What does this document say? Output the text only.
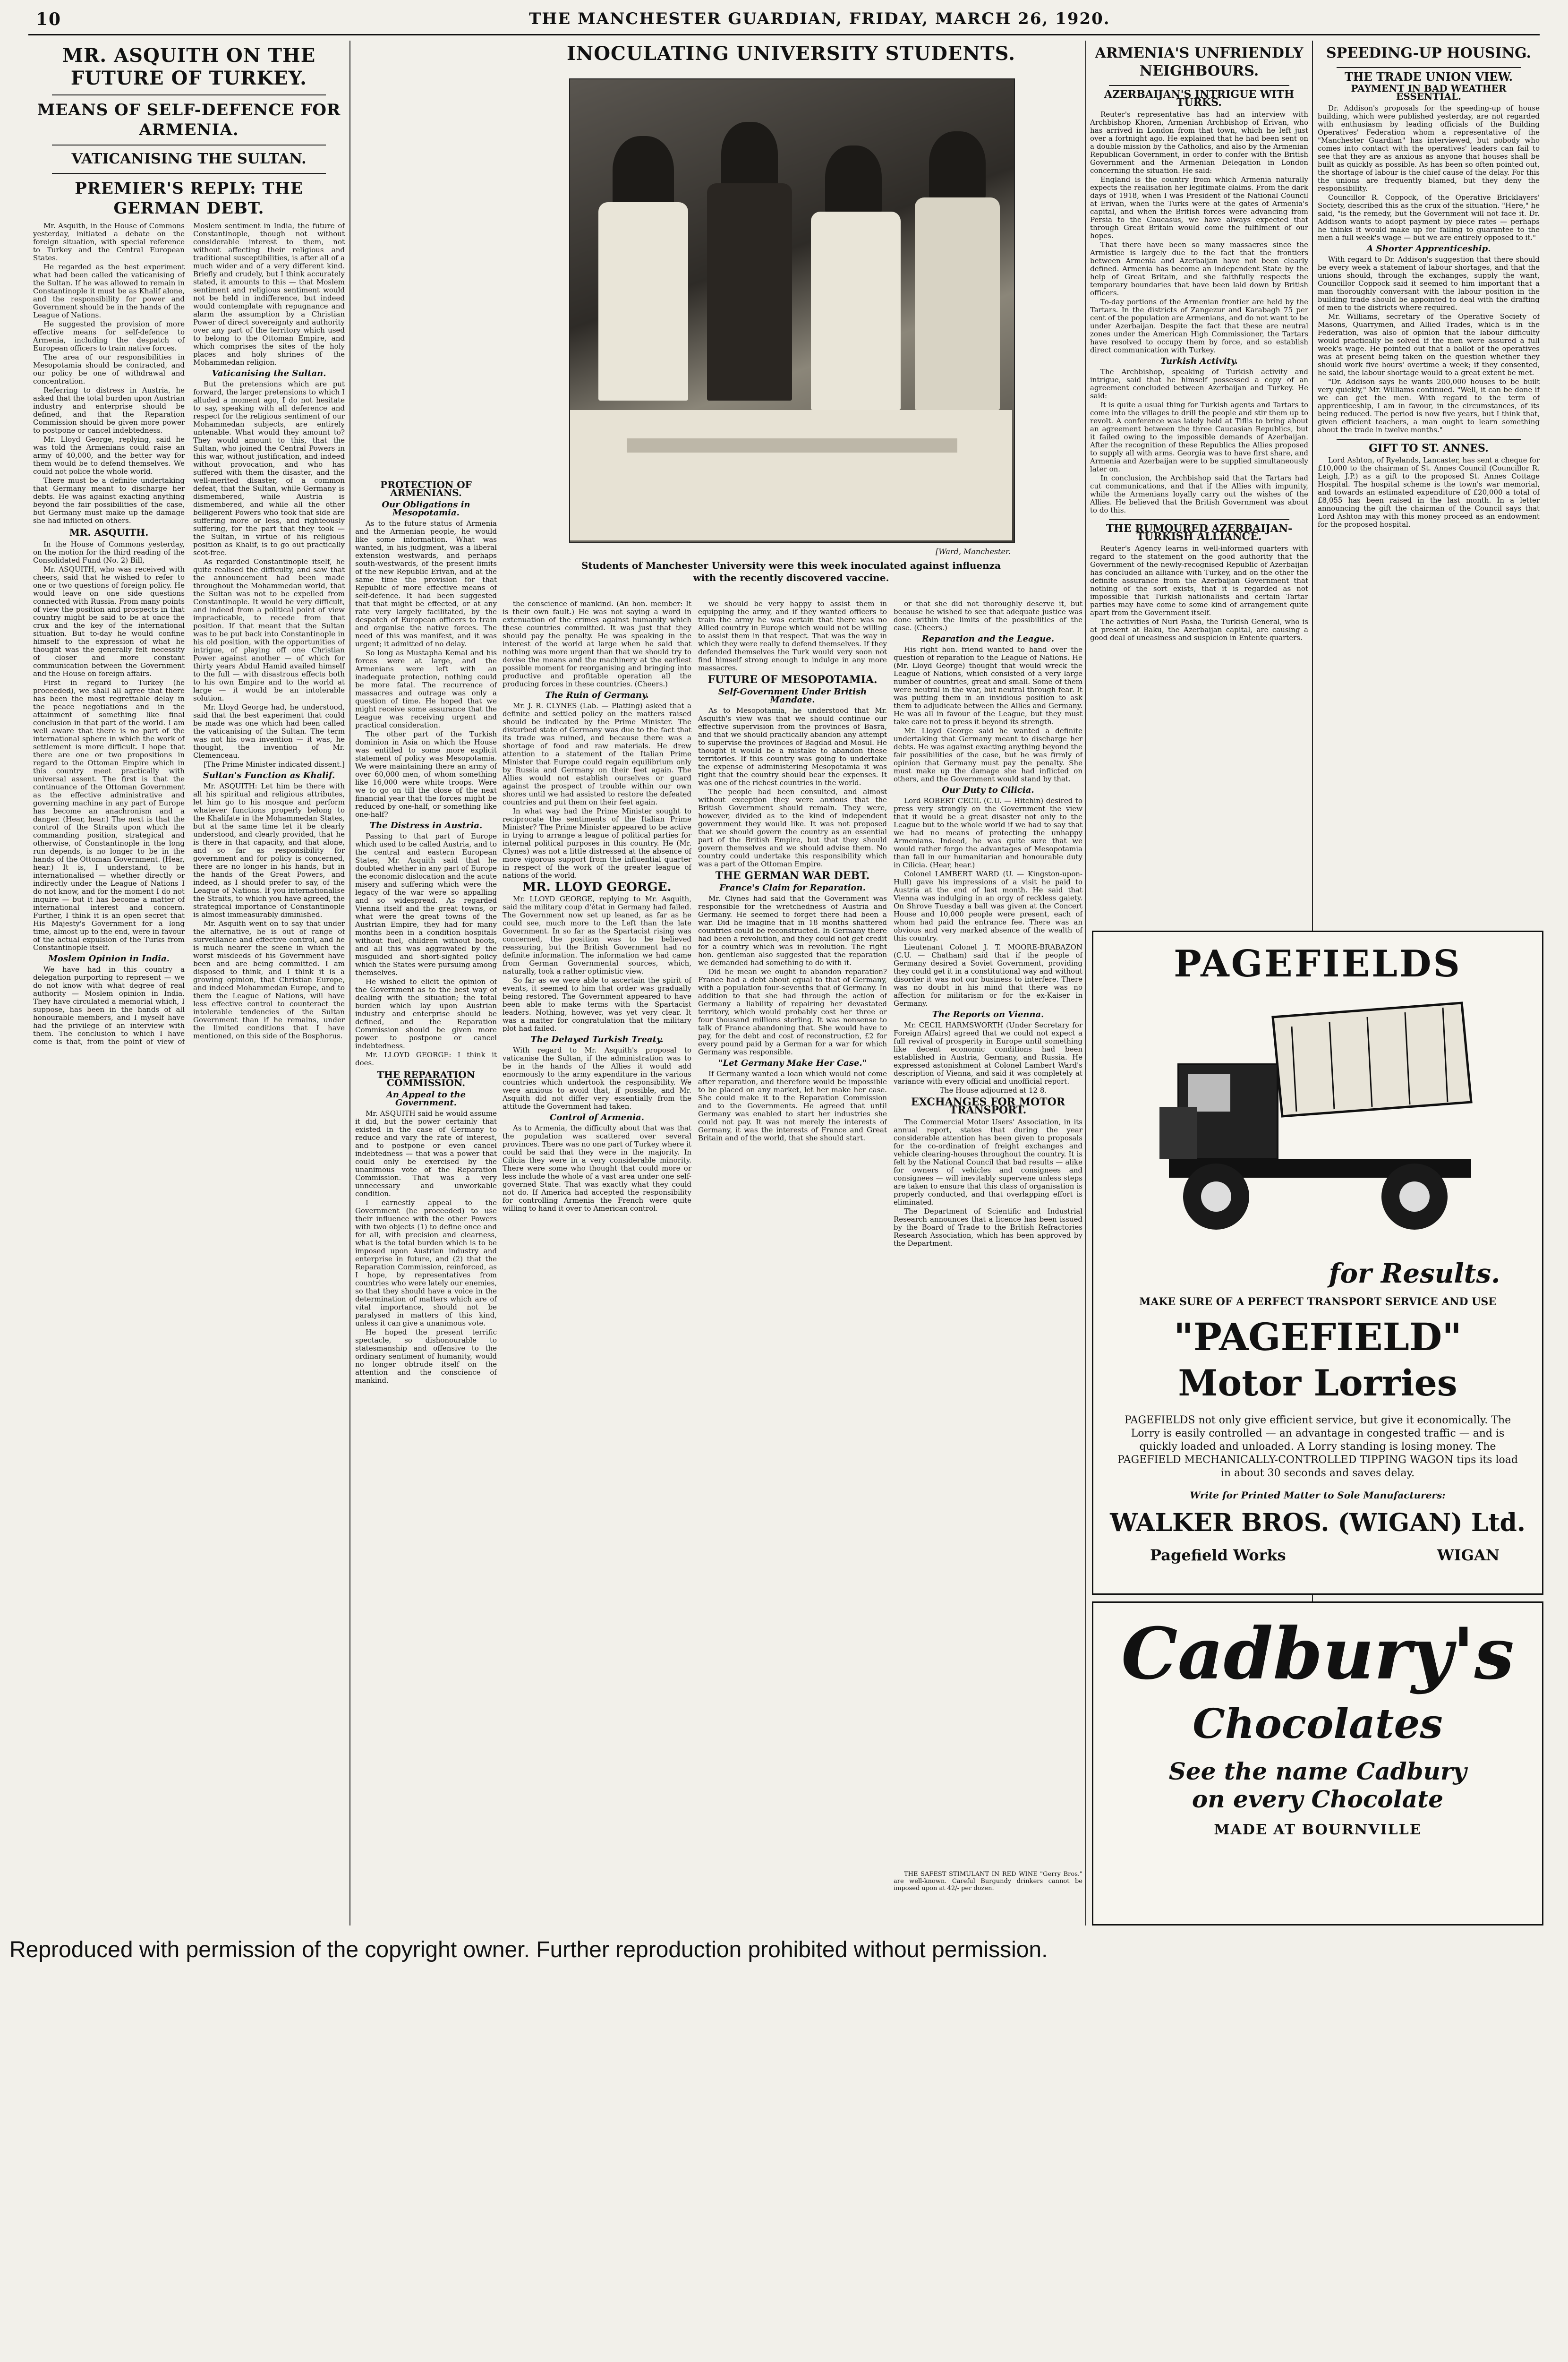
10	THE MANCHESTER GUARDIAN, FRIDAY, MARCH 26, 1920.
MR. ASQUITH ON THE FUTURE OF TURKEY.
MEANS OF SELF-DEFENCE FOR ARMENIA.
VATICANISING THE SULTAN.
PREMIER'S REPLY: THE GERMAN DEBT.

Mr. Asquith, in the House of Commons yesterday, initiated a debate on the foreign situation, with special reference to Turkey and the Central European States.

He regarded as the best experiment what had been called the vaticanising of the Sultan. If he was allowed to remain in Constantinople it must be as Khalif alone, and the responsibility for power and Government should be in the hands of the League of Nations.

He suggested the provision of more effective means for self-defence to Armenia, including the despatch of European officers to train native forces.

The area of our responsibilities in Mesopotamia should be contracted, and our policy be one of withdrawal and concentration.

Referring to distress in Austria, he asked that the total burden upon Austrian industry and enterprise should be defined, and that the Reparation Commission should be given more power to postpone or cancel indebtedness.

Mr. Lloyd George, replying, said he was told the Armenians could raise an army of 40,000, and the better way for them would be to defend themselves. We could not police the whole world.

There must be a definite undertaking that Germany meant to discharge her debts. He was against exacting anything beyond the fair possibilities of the case, but Germany must make up the damage she had inflicted on others.

MR. ASQUITH.

In the House of Commons yesterday, on the motion for the third reading of the Consolidated Fund (No. 2) Bill,

Mr. ASQUITH, who was received with cheers, said that he wished to refer to one or two questions of foreign policy. He would leave on one side questions connected with Russia. From many points of view the position and prospects in that country might be said to be at once the crux and the key of the international situation. But to-day he would confine himself to the expression of what he thought was the generally felt necessity of closer and more constant communication between the Government and the House on foreign affairs.

First in regard to Turkey (he proceeded), we shall all agree that there has been the most regrettable delay in the peace negotiations and in the attainment of something like final conclusion in that part of the world. I am well aware that there is no part of the international sphere in which the work of settlement is more difficult. I hope that there are one or two propositions in regard to the Ottoman Empire which in this country meet practically with universal assent. The first is that the continuance of the Ottoman Government as the effective administrative and governing machine in any part of Europe has become an anachronism and a danger. (Hear, hear.) The next is that the control of the Straits upon which the commanding position, strategical and otherwise, of Constantinople in the long run depends, is no longer to be in the hands of the Ottoman Government. (Hear, hear.) It is, I understand, to be internationalised — whether directly or indirectly under the League of Nations I do not know, and for the moment I do not inquire — but it has become a matter of international interest and concern. Further, I think it is an open secret that His Majesty's Government for a long time, almost up to the end, were in favour of the actual expulsion of the Turks from Constantinople itself.

Moslem Opinion in India.

We have had in this country a delegation purporting to represent — we do not know with what degree of real authority — Moslem opinion in India. They have circulated a memorial which, I suppose, has been in the hands of all honourable members, and I myself have had the privilege of an interview with them. The conclusion to which I have come is that, from the point of view of Moslem sentiment in India, the future of Constantinople, though not without considerable interest to them, not without affecting their religious and traditional susceptibilities, is after all of a much wider and of a very different kind. Briefly and crudely, but I think accurately stated, it amounts to this — that Moslem sentiment and religious sentiment would not be held in indifference, but indeed would contemplate with repugnance and alarm the assumption by a Christian Power of direct sovereignty and authority over any part of the territory which used to belong to the Ottoman Empire, and which comprises the sites of the holy places and holy shrines of the Mohammedan religion.

Vaticanising the Sultan.

But the pretensions which are put forward, the larger pretensions to which I alluded a moment ago, I do not hesitate to say, speaking with all deference and respect for the religious sentiment of our Mohammedan subjects, are entirely untenable. What would they amount to? They would amount to this, that the Sultan, who joined the Central Powers in this war, without justification, and indeed without provocation, and who has suffered with them the disaster, and the well-merited disaster, of a common defeat, that the Sultan, while Germany is dismembered, while Austria is dismembered, and while all the other belligerent Powers who took that side are suffering more or less, and righteously suffering, for the part that they took — the Sultan, in virtue of his religious position as Khalif, is to go out practically scot-free.

As regarded Constantinople itself, he quite realised the difficulty, and saw that the announcement had been made throughout the Mohammedan world, that the Sultan was not to be expelled from Constantinople. It would be very difficult, and indeed from a political point of view impracticable, to recede from that position. If that meant that the Sultan was to be put back into Constantinople in his old position, with the opportunities of intrigue, of playing off one Christian Power against another — of which for thirty years Abdul Hamid availed himself to the full — with disastrous effects both to his own Empire and to the world at large — it would be an intolerable solution.

Mr. Lloyd George had, he understood, said that the best experiment that could be made was one which had been called the vaticanising of the Sultan. The term was not his own invention — it was, he thought, the invention of Mr. Clemenceau.

[The Prime Minister indicated dissent.]

Sultan's Function as Khalif.

Mr. ASQUITH: Let him be there with all his spiritual and religious attributes, let him go to his mosque and perform whatever functions properly belong to the Khalifate in the Mohammedan States, but at the same time let it be clearly understood, and clearly provided, that he is there in that capacity, and that alone, and so far as responsibility for government and for policy is concerned, there are no longer in his hands, but in the hands of the Great Powers, and indeed, as I should prefer to say, of the League of Nations. If you internationalise the Straits, to which you have agreed, the strategical importance of Constantinople is almost immeasurably diminished.

Mr. Asquith went on to say that under the alternative, he is out of range of surveillance and effective control, and he is much nearer the scene in which the worst misdeeds of his Government have been and are being committed. I am disposed to think, and I think it is a growing opinion, that Christian Europe, and indeed Mohammedan Europe, and to them the League of Nations, will have less effective control to counteract the intolerable tendencies of the Sultan Government than if he remains, under the limited conditions that I have mentioned, on this side of the Bosphorus.

PROTECTION OF ARMENIANS.
Our Obligations in Mesopotamia.

As to the future status of Armenia and the Armenian people, he would like some information. What was wanted, in his judgment, was a liberal extension westwards, and perhaps south-westwards, of the present limits of the new Republic Erivan, and at the same time the provision for that Republic of more effective means of self-defence. It had been suggested that that might be effected, or at any rate very largely facilitated, by the despatch of European officers to train and organise the native forces. The need of this was manifest, and it was urgent; it admitted of no delay.

So long as Mustapha Kemal and his forces were at large, and the Armenians were left with an inadequate protection, nothing could be more fatal. The recurrence of massacres and outrage was only a question of time. He hoped that we might receive some assurance that the League was receiving urgent and practical consideration.

The other part of the Turkish dominion in Asia on which the House was entitled to some more explicit statement of policy was Mesopotamia. We were maintaining there an army of over 60,000 men, of whom something like 16,000 were white troops. Were we to go on till the close of the next financial year that the forces might be reduced by one-half, or something like one-half?

The Distress in Austria.

Passing to that part of Europe which used to be called Austria, and to the central and eastern European States, Mr. Asquith said that he doubted whether in any part of Europe the economic dislocation and the acute misery and suffering which were the legacy of the war were so appalling and so widespread. As regarded Vienna itself and the great towns, or what were the great towns of the Austrian Empire, they had for many months been in a condition hospitals without fuel, children without boots, and all this was aggravated by the misguided and short-sighted policy which the States were pursuing among themselves.

He wished to elicit the opinion of the Government as to the best way of dealing with the situation; the total burden which lay upon Austrian industry and enterprise should be defined, and the Reparation Commission should be given more power to postpone or cancel indebtedness.

Mr. LLOYD GEORGE: I think it does.

THE REPARATION COMMISSION.
An Appeal to the Government.

Mr. ASQUITH said he would assume it did, but the power certainly that existed in the case of Germany to reduce and vary the rate of interest, and to postpone or even cancel indebtedness — that was a power that could only be exercised by the unanimous vote of the Reparation Commission. That was a very unnecessary and unworkable condition.

I earnestly appeal to the Government (he proceeded) to use their influence with the other Powers with two objects (1) to define once and for all, with precision and clearness, what is the total burden which is to be imposed upon Austrian industry and enterprise in future, and (2) that the Reparation Commission, reinforced, as I hope, by representatives from countries who were lately our enemies, so that they should have a voice in the determination of matters which are of vital importance, should not be paralysed in matters of this kind, unless it can give a unanimous vote.

He hoped the present terrific spectacle, so dishonourable to statesmanship and offensive to the ordinary sentiment of humanity, would no longer obtrude itself on the attention and the conscience of mankind.

INOCULATING UNIVERSITY STUDENTS.
[Ward, Manchester.
Students of Manchester University were this week inoculated against influenza with the recently discovered vaccine.

the conscience of mankind. (An hon. member: It is their own fault.) He was not saying a word in extenuation of the crimes against humanity which these countries committed. It was just that they should pay the penalty. He was speaking in the interest of the world at large when he said that nothing was more urgent than that we should try to devise the means and the machinery at the earliest possible moment for reorganising and bringing into productive and profitable operation all the producing forces in these countries. (Cheers.)

The Ruin of Germany.

Mr. J. R. CLYNES (Lab. — Platting) asked that a definite and settled policy on the matters raised should be indicated by the Prime Minister. The disturbed state of Germany was due to the fact that its trade was ruined, and because there was a shortage of food and raw materials. He drew attention to a statement of the Italian Prime Minister that Europe could regain equilibrium only by Russia and Germany on their feet again. The Allies would not establish ourselves or guard against the prospect of trouble within our own shores until we had assisted to restore the defeated countries and put them on their feet again.

In what way had the Prime Minister sought to reciprocate the sentiments of the Italian Prime Minister? The Prime Minister appeared to be active in trying to arrange a league of political parties for internal political purposes in this country. He (Mr. Clynes) was not a little distressed at the absence of more vigorous support from the influential quarter in respect of the work of the greater league of nations of the world.

MR. LLOYD GEORGE.

Mr. LLOYD GEORGE, replying to Mr. Asquith, said the military coup d'état in Germany had failed. The Government now set up leaned, as far as he could see, much more to the Left than the late Government. In so far as the Spartacist rising was concerned, the position was to be believed reassuring, but the British Government had no definite information. The information we had came from German Governmental sources, which, naturally, took a rather optimistic view.

So far as we were able to ascertain the spirit of events, it seemed to him that order was gradually being restored. The Government appeared to have been able to make terms with the Spartacist leaders. Nothing, however, was yet very clear. It was a matter for congratulation that the military plot had failed.

The Delayed Turkish Treaty.

With regard to Mr. Asquith's proposal to vaticanise the Sultan, if the administration was to be in the hands of the Allies it would add enormously to the army expenditure in the various countries which undertook the responsibility. We were anxious to avoid that, if possible, and Mr. Asquith did not differ very essentially from the attitude the Government had taken.

Control of Armenia.

As to Armenia, the difficulty about that was that the population was scattered over several provinces. There was no one part of Turkey where it could be said that they were in the majority. In Cilicia they were in a very considerable minority. There were some who thought that could more or less include the whole of a vast area under one self-governed State. That was exactly what they could not do. If America had accepted the responsibility for controlling Armenia the French were quite willing to hand it over to American control.

we should be very happy to assist them in equipping the army, and if they wanted officers to train the army he was certain that there was no Allied country in Europe which would not be willing to assist them in that respect. That was the way in which they were really to defend themselves. If they defended themselves the Turk would very soon not find himself strong enough to indulge in any more massacres.

FUTURE OF MESOPOTAMIA.
Self-Government Under British Mandate.

As to Mesopotamia, he understood that Mr. Asquith's view was that we should continue our effective supervision from the provinces of Basra, and that we should practically abandon any attempt to supervise the provinces of Bagdad and Mosul. He thought it would be a mistake to abandon these territories. If this country was going to undertake the expense of administering Mesopotamia it was right that the country should bear the expenses. It was one of the richest countries in the world.

The people had been consulted, and almost without exception they were anxious that the British Government should remain. They were, however, divided as to the kind of independent government they would like. It was not proposed that we should govern the country as an essential part of the British Empire, but that they should govern themselves and we should advise them. No country could undertake this responsibility which was a part of the Ottoman Empire.

THE GERMAN WAR DEBT.
France's Claim for Reparation.

Mr. Clynes had said that the Government was responsible for the wretchedness of Austria and Germany. He seemed to forget there had been a war. Did he imagine that in 18 months shattered countries could be reconstructed. In Germany there had been a revolution, and they could not get credit for a country which was in revolution. The right hon. gentleman also suggested that the reparation we demanded had something to do with it.

Did he mean we ought to abandon reparation? France had a debt about equal to that of Germany, with a population four-sevenths that of Germany. In addition to that she had through the action of Germany a liability of repairing her devastated territory, which would probably cost her three or four thousand millions sterling. It was nonsense to talk of France abandoning that. She would have to pay, for the debt and cost of reconstruction, £2 for every pound paid by a German for a war for which Germany was responsible.

"Let Germany Make Her Case."

If Germany wanted a loan which would not come after reparation, and therefore would be impossible to be placed on any market, let her make her case. She could make it to the Reparation Commission and to the Governments. He agreed that until Germany was enabled to start her industries she could not pay. It was not merely the interests of Germany, it was the interests of France and Great Britain and of the world, that she should start.

or that she did not thoroughly deserve it, but because he wished to see that adequate justice was done within the limits of the possibilities of the case. (Cheers.)

Reparation and the League.

His right hon. friend wanted to hand over the question of reparation to the League of Nations. He (Mr. Lloyd George) thought that would wreck the League of Nations, which consisted of a very large number of countries, great and small. Some of them were neutral in the war, but neutral through fear. It was putting them in an invidious position to ask them to adjudicate between the Allies and Germany. He was all in favour of the League, but they must take care not to press it beyond its strength.

Mr. Lloyd George said he wanted a definite undertaking that Germany meant to discharge her debts. He was against exacting anything beyond the fair possibilities of the case, but he was firmly of opinion that Germany must pay the penalty. She must make up the damage she had inflicted on others, and the Government would stand by that.

Our Duty to Cilicia.

Lord ROBERT CECIL (C.U. — Hitchin) desired to press very strongly on the Government the view that it would be a great disaster not only to the League but to the whole world if we had to say that we had no means of protecting the unhappy Armenians. Indeed, he was quite sure that we would rather forgo the advantages of Mesopotamia than fall in our humanitarian and honourable duty in Cilicia. (Hear, hear.)

Colonel LAMBERT WARD (U. — Kingston-upon-Hull) gave his impressions of a visit he paid to Austria at the end of last month. He said that Vienna was indulging in an orgy of reckless gaiety. On Shrove Tuesday a ball was given at the Concert House and 10,000 people were present, each of whom had paid the entrance fee. There was an obvious and very marked absence of the wealth of this country.

Lieutenant Colonel J. T. MOORE-BRABAZON (C.U. — Chatham) said that if the people of Germany desired a Soviet Government, providing they could get it in a constitutional way and without disorder it was not our business to interfere. There was no doubt in his mind that there was no affection for militarism or for the ex-Kaiser in Germany.

The Reports on Vienna.

Mr. CECIL HARMSWORTH (Under Secretary for Foreign Affairs) agreed that we could not expect a full revival of prosperity in Europe until something like decent economic conditions had been established in Austria, Germany, and Russia. He expressed astonishment at Colonel Lambert Ward's description of Vienna, and said it was completely at variance with every official and unofficial report.

The House adjourned at 12 8.

EXCHANGES FOR MOTOR TRANSPORT.

The Commercial Motor Users' Association, in its annual report, states that during the year considerable attention has been given to proposals for the co-ordination of freight exchanges and vehicle clearing-houses throughout the country. It is felt by the National Council that bad results — alike for owners of vehicles and consignees and consignees — will inevitably supervene unless steps are taken to ensure that this class of organisation is properly conducted, and that overlapping effort is eliminated.

The Department of Scientific and Industrial Research announces that a licence has been issued by the Board of Trade to the British Refractories Research Association, which has been approved by the Department.

ARMENIA'S UNFRIENDLY NEIGHBOURS.
AZERBAIJAN'S INTRIGUE WITH TURKS.

Reuter's representative has had an interview with Archbishop Khoren, Armenian Archbishop of Erivan, who has arrived in London from that town, which he left just over a fortnight ago. He explained that he had been sent on a double mission by the Catholics, and also by the Armenian Republican Government, in order to confer with the British Government and the Armenian Delegation in London concerning the situation. He said:

England is the country from which Armenia naturally expects the realisation her legitimate claims. From the dark days of 1918, when I was President of the National Council at Erivan, when the Turks were at the gates of Armenia's capital, and when the British forces were advancing from Persia to the Caucasus, we have always expected that through Great Britain would come the fulfilment of our hopes.

That there have been so many massacres since the Armistice is largely due to the fact that the frontiers between Armenia and Azerbaijan have not been clearly defined. Armenia has become an independent State by the help of Great Britain, and she faithfully respects the temporary boundaries that have been laid down by British officers.

To-day portions of the Armenian frontier are held by the Tartars. In the districts of Zangezur and Karabagh 75 per cent of the population are Armenians, and do not want to be under Azerbaijan. Despite the fact that these are neutral zones under the American High Commissioner, the Tartars have resolved to occupy them by force, and so establish direct communication with Turkey.

Turkish Activity.

The Archbishop, speaking of Turkish activity and intrigue, said that he himself possessed a copy of an agreement concluded between Azerbaijan and Turkey. He said:

It is quite a usual thing for Turkish agents and Tartars to come into the villages to drill the people and stir them up to revolt. A conference was lately held at Tiflis to bring about an agreement between the three Caucasian Republics, but it failed owing to the impossible demands of Azerbaijan. After the recognition of these Republics the Allies proposed to supply all with arms. Georgia was to have first share, and Armenia and Azerbaijan were to be supplied simultaneously later on.

In conclusion, the Archbishop said that the Tartars had cut communications, and that if the Allies with impunity, while the Armenians loyally carry out the wishes of the Allies. He believed that the British Government was about to do this.

THE RUMOURED AZERBAIJAN-TURKISH ALLIANCE.

Reuter's Agency learns in well-informed quarters with regard to the statement on the good authority that the Government of the newly-recognised Republic of Azerbaijan has concluded an alliance with Turkey, and on the other the definite assurance from the Azerbaijan Government that nothing of the sort exists, that it is regarded as not impossible that Turkish nationalists and certain Tartar parties may have come to some kind of arrangement quite apart from the Government itself.

The activities of Nuri Pasha, the Turkish General, who is at present at Baku, the Azerbaijan capital, are causing a good deal of uneasiness and suspicion in Entente quarters.

SPEEDING-UP HOUSING.
THE TRADE UNION VIEW.
PAYMENT IN BAD WEATHER ESSENTIAL.

Dr. Addison's proposals for the speeding-up of house building, which were published yesterday, are not regarded with enthusiasm by leading officials of the Building Operatives' Federation whom a representative of the "Manchester Guardian" has interviewed, but nobody who comes into contact with the operatives' leaders can fail to see that they are as anxious as anyone that houses shall be built as quickly as possible. As has been so often pointed out, the shortage of labour is the chief cause of the delay. For this the unions are frequently blamed, but they deny the responsibility.

Councillor R. Coppock, of the Operative Bricklayers' Society, described this as the crux of the situation. "Here," he said, "is the remedy, but the Government will not face it. Dr. Addison wants to adopt payment by piece rates — perhaps he thinks it would make up for failing to guarantee to the men a full week's wage — but we are entirely opposed to it."

A Shorter Apprenticeship.

With regard to Dr. Addison's suggestion that there should be every week a statement of labour shortages, and that the unions should, through the exchanges, supply the want, Councillor Coppock said it seemed to him important that a man thoroughly conversant with the labour position in the building trade should be appointed to deal with the drafting of men to the districts where required.

Mr. Williams, secretary of the Operative Society of Masons, Quarrymen, and Allied Trades, which is in the Federation, was also of opinion that the labour difficulty would practically be solved if the men were assured a full week's wage. He pointed out that a ballot of the operatives was at present being taken on the question whether they should work five hours' overtime a week; if they consented, he said, the labour shortage would to a great extent be met.

"Dr. Addison says he wants 200,000 houses to be built very quickly," Mr. Williams continued. "Well, it can be done if we can get the men. With regard to the term of apprenticeship, I am in favour, in the circumstances, of its being reduced. The period is now five years, but I think that, given efficient teachers, a man ought to learn something about the trade in twelve months."

GIFT TO ST. ANNES.

Lord Ashton, of Ryelands, Lancaster, has sent a cheque for £10,000 to the chairman of St. Annes Council (Councillor R. Leigh, J.P.) as a gift to the proposed St. Annes Cottage Hospital. The hospital scheme is the town's war memorial, and towards an estimated expenditure of £20,000 a total of £8,055 has been raised in the last month. In a letter announcing the gift the chairman of the Council says that Lord Ashton may with this money proceed as an endowment for the proposed hospital.

PAGEFIELDS
for Results.
MAKE SURE OF A PERFECT TRANSPORT SERVICE AND USE
"PAGEFIELD"
Motor Lorries
PAGEFIELDS not only give efficient service, but give it economically. The Lorry is easily controlled — an advantage in congested traffic — and is quickly loaded and unloaded. A Lorry standing is losing money. The PAGEFIELD MECHANICALLY-CONTROLLED TIPPING WAGON tips its load in about 30 seconds and saves delay.
Write for Printed Matter to Sole Manufacturers:
WALKER BROS. (WIGAN) Ltd.
Pagefield Works	WIGAN
Cadbury's
Chocolates
See the name Cadbury
on every Chocolate
MADE AT BOURNVILLE

THE SAFEST STIMULANT IN RED WINE "Gerry Bros." are well-known. Careful Burgundy drinkers cannot be imposed upon at 42/- per dozen.

Reproduced with permission of the copyright owner. Further reproduction prohibited without permission.
